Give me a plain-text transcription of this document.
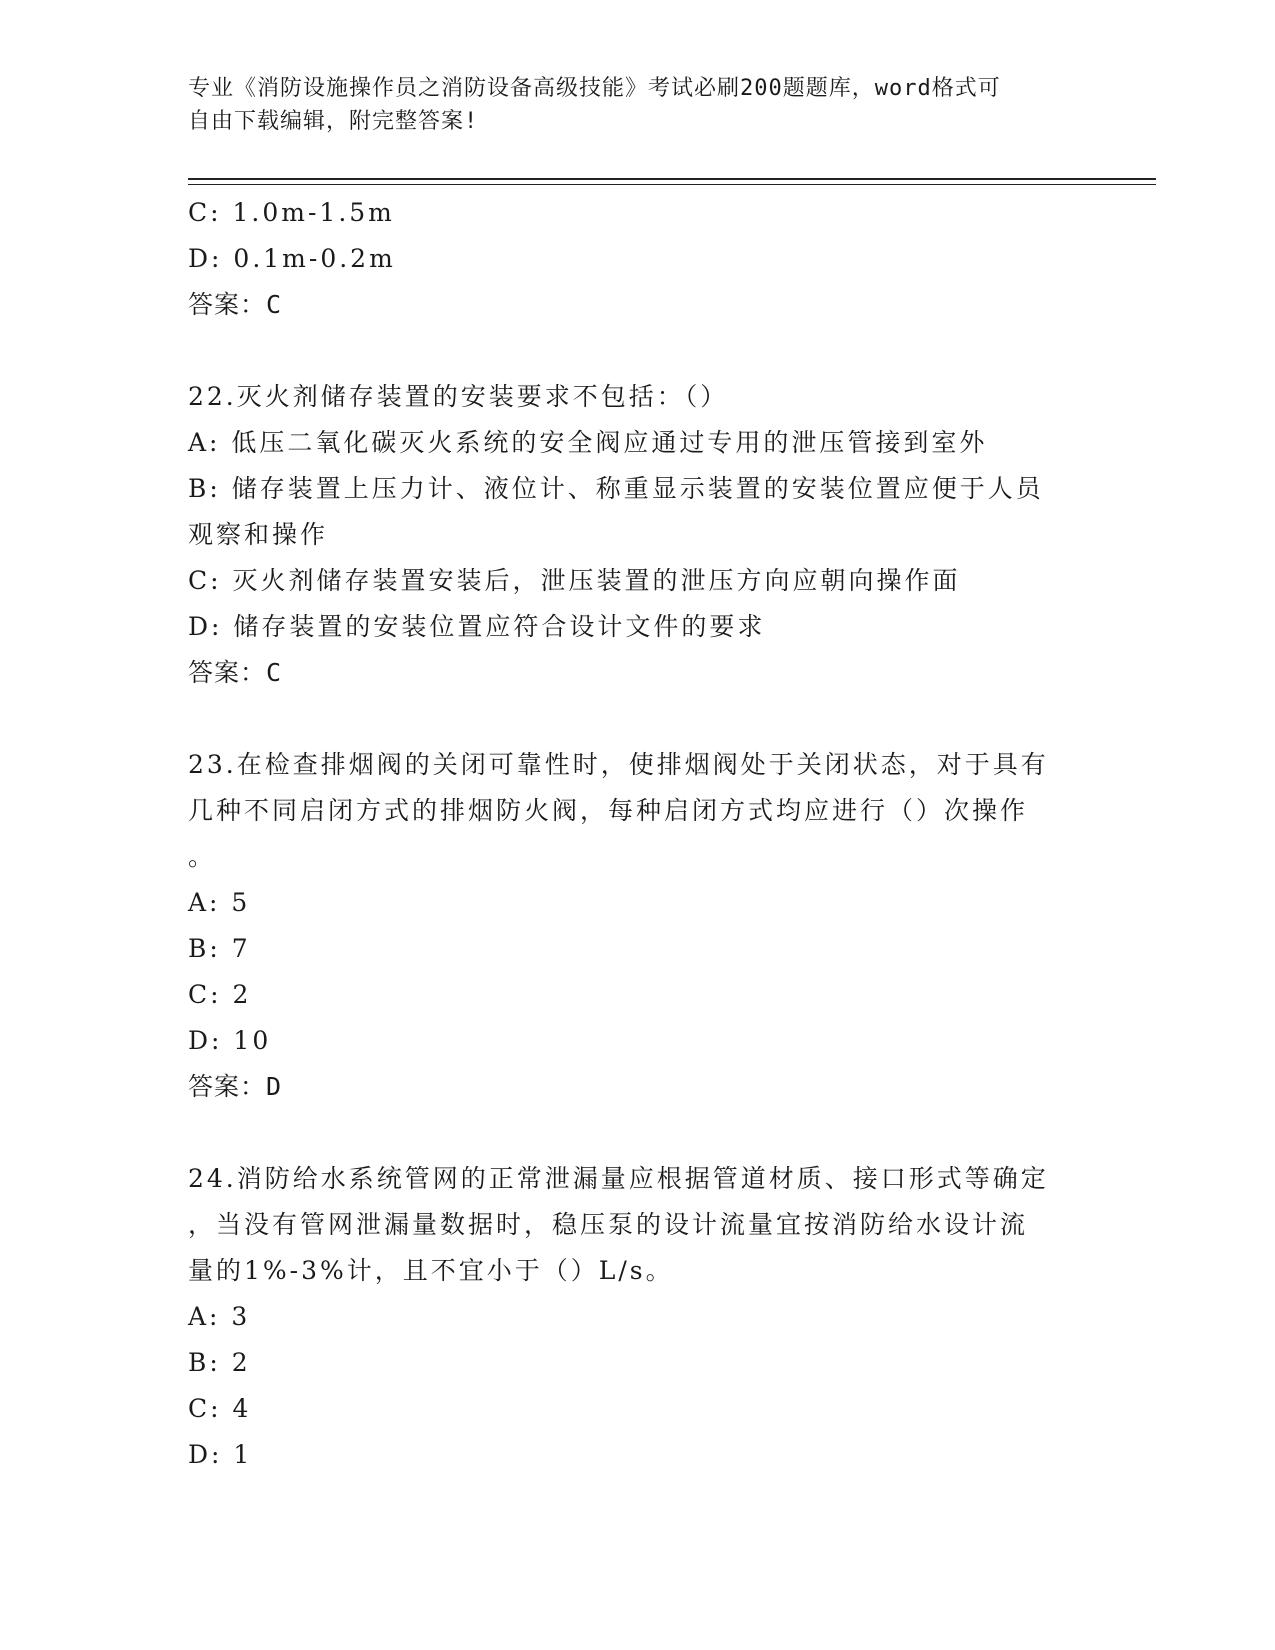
专业《消防设施操作员之消防设备高级技能》考试必刷200题题库，word格式可
自由下载编辑，附完整答案!
C: 1.0m-1.5m
D: 0.1m-0.2m
答案：C
22.灭火剂储存装置的安装要求不包括：（）
A: 低压二氧化碳灭火系统的安全阀应通过专用的泄压管接到室外
B: 储存装置上压力计、液位计、称重显示装置的安装位置应便于人员
观察和操作
C: 灭火剂储存装置安装后，泄压装置的泄压方向应朝向操作面
D: 储存装置的安装位置应符合设计文件的要求
答案：C
23.在检查排烟阀的关闭可靠性时，使排烟阀处于关闭状态，对于具有
几种不同启闭方式的排烟防火阀，每种启闭方式均应进行（）次操作
。
A: 5
B: 7
C: 2
D: 10
答案：D
24.消防给水系统管网的正常泄漏量应根据管道材质、接口形式等确定
，当没有管网泄漏量数据时，稳压泵的设计流量宜按消防给水设计流
量的1%-3%计，且不宜小于（）L/s。
A: 3
B: 2
C: 4
D: 1
